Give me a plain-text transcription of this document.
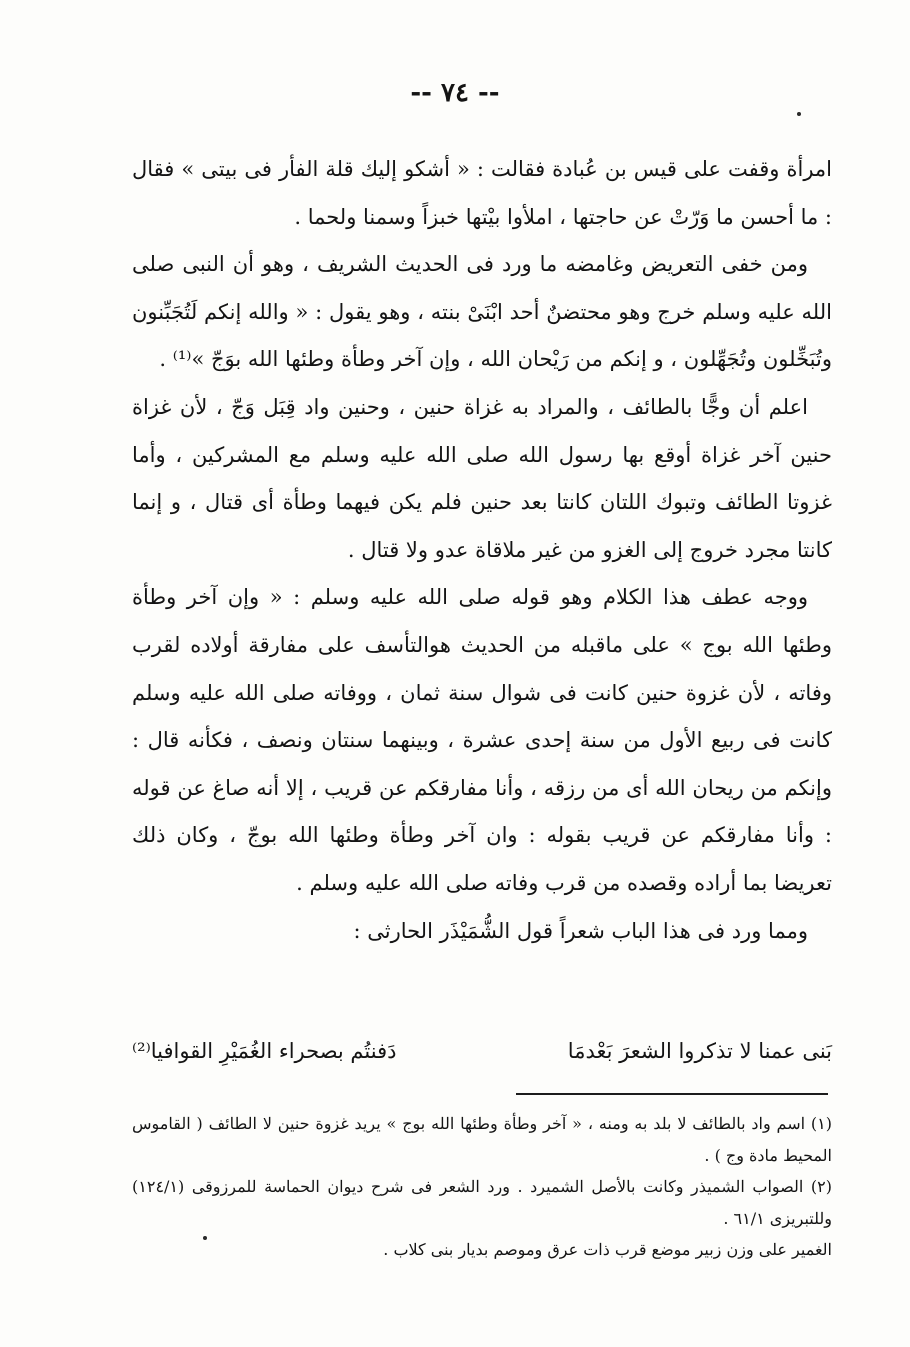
-- ٧٤ --

امرأة وقفت على قيس بن عُبادة فقالت : « أشكو إليك قلة الفأر فى بيتى » فقال : ما أحسن ما وَرّتْ عن حاجتها ، املأوا بيْتها خبزاً وسمنا ولحما .

ومن خفى التعريض وغامضه ما ورد فى الحديث الشريف ، وهو أن النبى صلى الله عليه وسلم خرج وهو محتضنٌ أحد ابْنَىْ بنته ، وهو يقول : « والله إنكم لَتُجَبِّنون وتُبَخِّلون وتُجَهِّلون ، و إنكم من رَيْحان الله ، وإن آخر وطأة وطئها الله بوَجّ »⁽¹⁾ .

اعلم أن وجًّا بالطائف ، والمراد به غزاة حنين ، وحنين واد قِبَل وَجّ ، لأن غزاة حنين آخر غزاة أوقع بها رسول الله صلى الله عليه وسلم مع المشركين ، وأما غزوتا الطائف وتبوك اللتان كانتا بعد حنين فلم يكن فيهما وطأة أى قتال ، و إنما كانتا مجرد خروج إلى الغزو من غير ملاقاة عدو ولا قتال .

ووجه عطف هذا الكلام وهو قوله صلى الله عليه وسلم : « وإن آخر وطأة وطئها الله بوج » على ماقبله من الحديث هوالتأسف على مفارقة أولاده لقرب وفاته ، لأن غزوة حنين كانت فى شوال سنة ثمان ، ووفاته صلى الله عليه وسلم كانت فى ربيع الأول من سنة إحدى عشرة ، وبينهما سنتان ونصف ، فكأنه قال : وإنكم من ريحان الله أى من رزقه ، وأنا مفارقكم عن قريب ، إلا أنه صاغ عن قوله : وأنا مفارقكم عن قريب بقوله : وان آخر وطأة وطئها الله بوجّ ، وكان ذلك تعريضا بما أراده وقصده من قرب وفاته صلى الله عليه وسلم .

ومما ورد فى هذا الباب شعراً قول الشُّمَيْذَر الحارثى :

بَنى عمنا لا تذكروا الشعرَ بَعْدمَا
دَفنتُم بصحراء الغُمَيْرِ القوافيا⁽²⁾

(١) اسم واد بالطائف لا بلد به ومنه ، « آخر وطأة وطئها الله بوج » يريد غزوة حنين لا الطائف ( القاموس المحيط مادة وج ) .

(٢) الصواب الشميذر وكانت بالأصل الشميرد . ورد الشعر فى شرح ديوان الحماسة للمرزوقى (١٢٤/١) وللتبريزى ٦١/١ .

الغمير على وزن زبير موضع قرب ذات عرق وموصم بديار بنى كلاب .
